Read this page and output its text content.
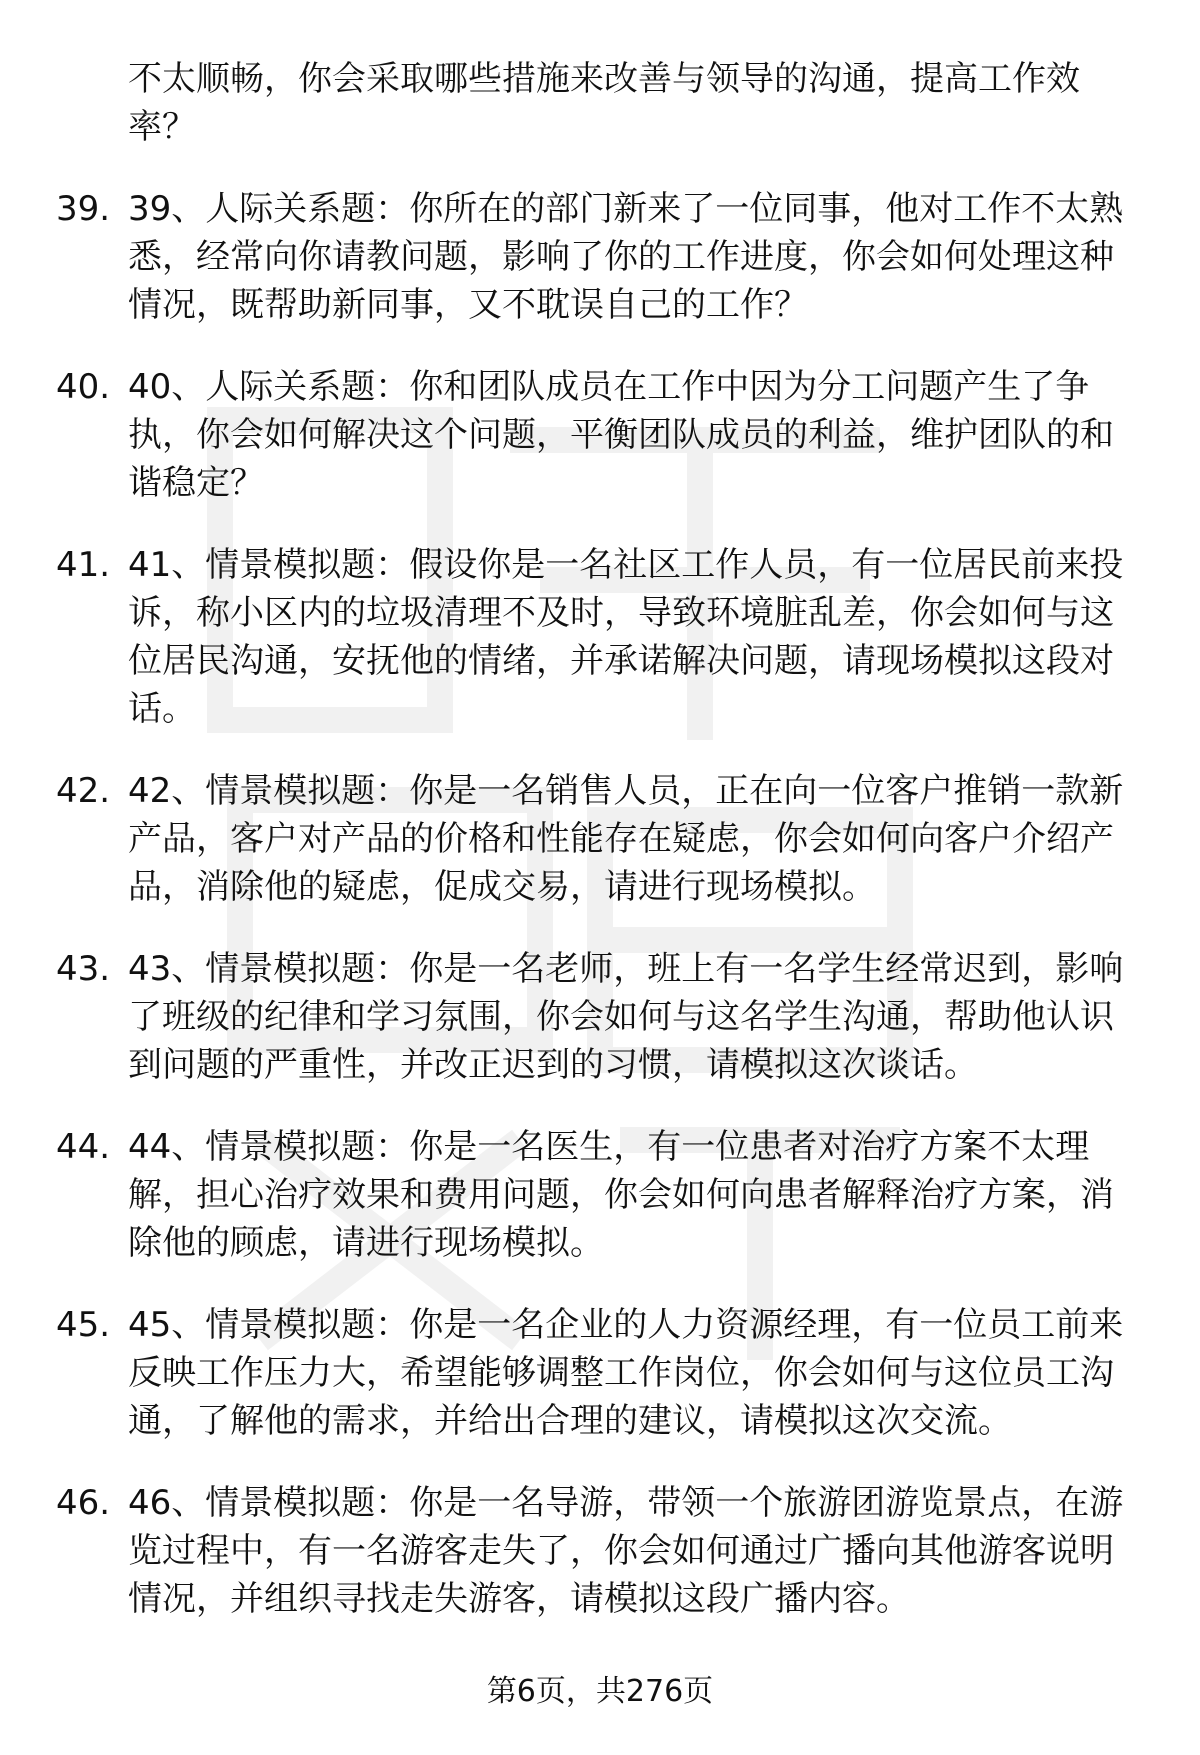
不太顺畅，你会采取哪些措施来改善与领导的沟通，提高工作效率？
39. 39、人际关系题：你所在的部门新来了一位同事，他对工作不太熟悉，经常向你请教问题，影响了你的工作进度，你会如何处理这种情况，既帮助新同事，又不耽误自己的工作？
40. 40、人际关系题：你和团队成员在工作中因为分工问题产生了争执，你会如何解决这个问题，平衡团队成员的利益，维护团队的和谐稳定？
41. 41、情景模拟题：假设你是一名社区工作人员，有一位居民前来投诉，称小区内的垃圾清理不及时，导致环境脏乱差，你会如何与这位居民沟通，安抚他的情绪，并承诺解决问题，请现场模拟这段对话。
42. 42、情景模拟题：你是一名销售人员，正在向一位客户推销一款新产品，客户对产品的价格和性能存在疑虑，你会如何向客户介绍产品，消除他的疑虑，促成交易，请进行现场模拟。
43. 43、情景模拟题：你是一名老师，班上有一名学生经常迟到，影响了班级的纪律和学习氛围，你会如何与这名学生沟通，帮助他认识到问题的严重性，并改正迟到的习惯，请模拟这次谈话。
44. 44、情景模拟题：你是一名医生，有一位患者对治疗方案不太理解，担心治疗效果和费用问题，你会如何向患者解释治疗方案，消除他的顾虑，请进行现场模拟。
45. 45、情景模拟题：你是一名企业的人力资源经理，有一位员工前来反映工作压力大，希望能够调整工作岗位，你会如何与这位员工沟通，了解他的需求，并给出合理的建议，请模拟这次交流。
46. 46、情景模拟题：你是一名导游，带领一个旅游团游览景点，在游览过程中，有一名游客走失了，你会如何通过广播向其他游客说明情况，并组织寻找走失游客，请模拟这段广播内容。
第6页，共276页
